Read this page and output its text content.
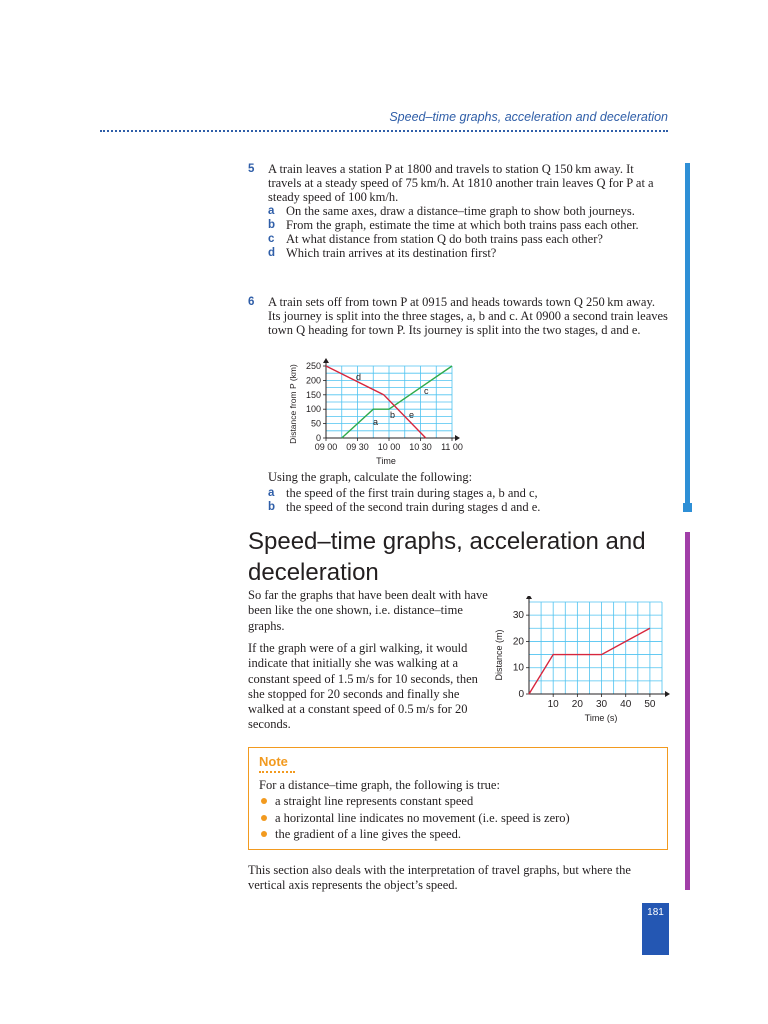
Speed–time graphs, acceleration and deceleration
181
5 A train leaves a station P at 1800 and travels to station Q 150 km away. It travels at a steady speed of 75 km/h. At 1810 another train leaves Q for P at a steady speed of 100 km/h.
a On the same axes, draw a distance–time graph to show both journeys.
b From the graph, estimate the time at which both trains pass each other.
c At what distance from station Q do both trains pass each other?
d Which train arrives at its destination first?
6 A train sets off from town P at 0915 and heads towards town Q 250 km away. Its journey is split into the three stages, a, b and c. At 0900 a second train leaves town Q heading for town P. Its journey is split into the two stages, d and e.
0
50
100
150
200
250
09 00 09 30 10 00 10 30 11 00
a
b
c
d
e
Time
Distance from P (km)
Using the graph, calculate the following:
a the speed of the first train during stages a, b and c,
b the speed of the second train during stages d and e.
Speed–time graphs, acceleration and deceleration
So far the graphs that have been dealt with have been like the one shown, i.e. distance–time graphs.
If the graph were of a girl walking, it would indicate that initially she was walking at a constant speed of 1.5 m/s for 10 seconds, then she stopped for 20 seconds and finally she walked at a constant speed of 0.5 m/s for 20 seconds.
0
10
20
30
10 20 30 40 50
Time (s)
Distance (m)
Note
For a distance–time graph, the following is true:
a straight line represents constant speed
a horizontal line indicates no movement (i.e. speed is zero)
the gradient of a line gives the speed.
This section also deals with the interpretation of travel graphs, but where the vertical axis represents the object’s speed.
